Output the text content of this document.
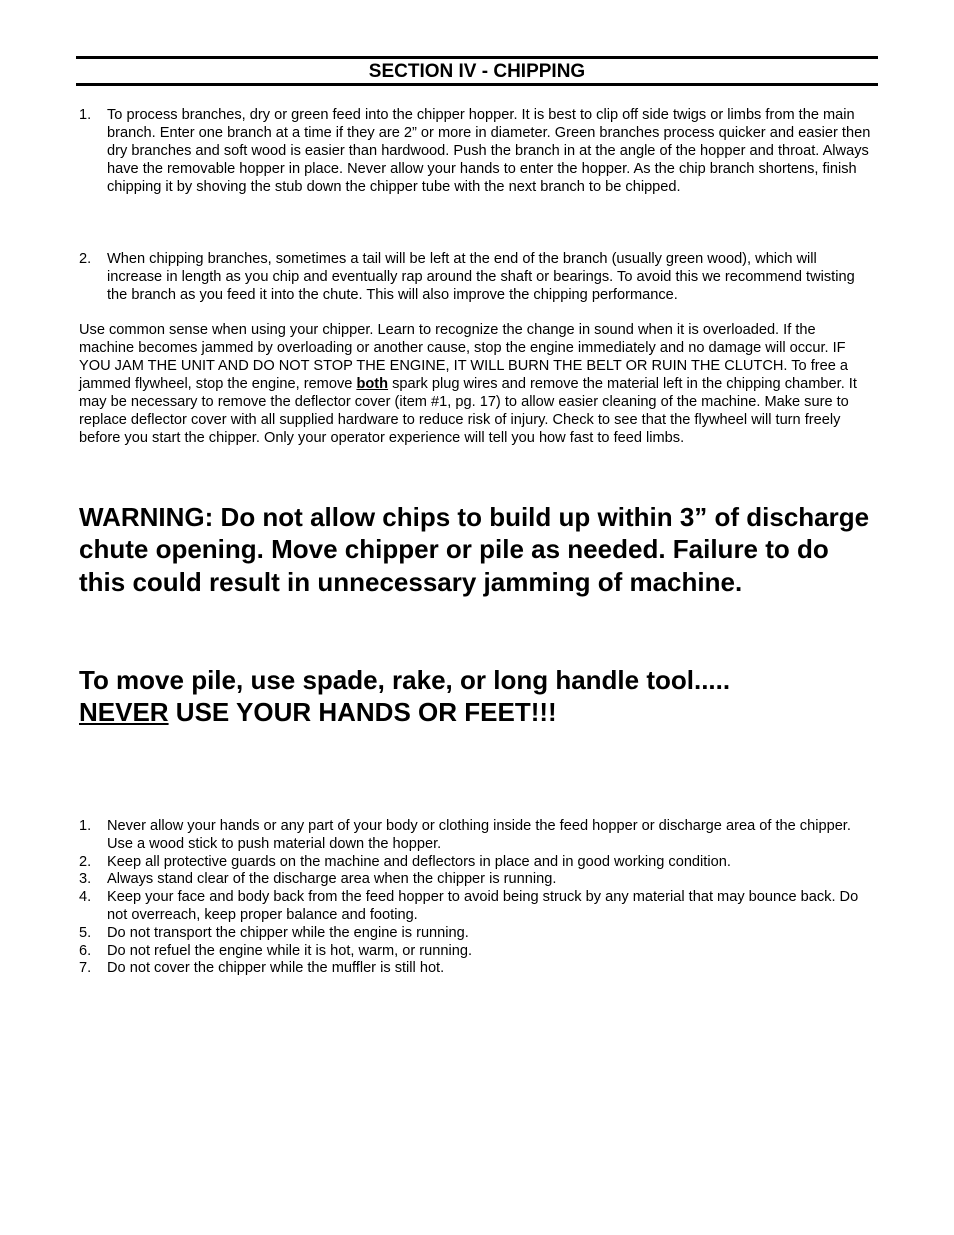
SECTION IV - CHIPPING
1.	To process branches, dry or green feed into the chipper hopper. It is best to clip off side twigs or limbs from the main branch. Enter one branch at a time if they are 2” or more in diameter. Green branches process quicker and easier then dry branches and soft wood is easier than hardwood. Push the branch in at the angle of the hopper and throat. Always have the removable hopper in place. Never allow your hands to enter the hopper. As the chip branch shortens, finish chipping it by shoving the stub down the chipper tube with the next branch to be chipped.
2.	When chipping branches, sometimes a tail will be left at the end of the branch (usually green wood), which will increase in length as you chip and eventually rap around the shaft or bearings. To avoid this we recommend twisting the branch as you feed it into the chute. This will also improve the chipping performance.
Use common sense when using your chipper. Learn to recognize the change in sound when it is overloaded. If the machine becomes jammed by overloading or another cause, stop the engine immediately and no damage will occur. IF YOU JAM THE UNIT AND DO NOT STOP THE ENGINE, IT WILL BURN THE BELT OR RUIN THE CLUTCH. To free a jammed flywheel, stop the engine, remove both spark plug wires and remove the material left in the chipping chamber. It may be necessary to remove the deflector cover (item #1, pg. 17) to allow easier cleaning of the machine. Make sure to replace deflector cover with all supplied hardware to reduce risk of injury. Check to see that the flywheel will turn freely before you start the chipper. Only your operator experience will tell you how fast to feed limbs.
WARNING: Do not allow chips to build up within 3” of discharge chute opening. Move chipper or pile as needed. Failure to do this could result in unnecessary jamming of machine.
To move pile, use spade, rake, or long handle tool.....
NEVER USE YOUR HANDS OR FEET!!!
1.	Never allow your hands or any part of your body or clothing inside the feed hopper or discharge area of the chipper. Use a wood stick to push material down the hopper.
2.	Keep all protective guards on the machine and deflectors in place and in good working condition.
3.	Always stand clear of the discharge area when the chipper is running.
4.	Keep your face and body back from the feed hopper to avoid being struck by any material that may bounce back. Do not overreach, keep proper balance and footing.
5.	Do not transport the chipper while the engine is running.
6.	Do not refuel the engine while it is hot, warm, or running.
7.	Do not cover the chipper while the muffler is still hot.
